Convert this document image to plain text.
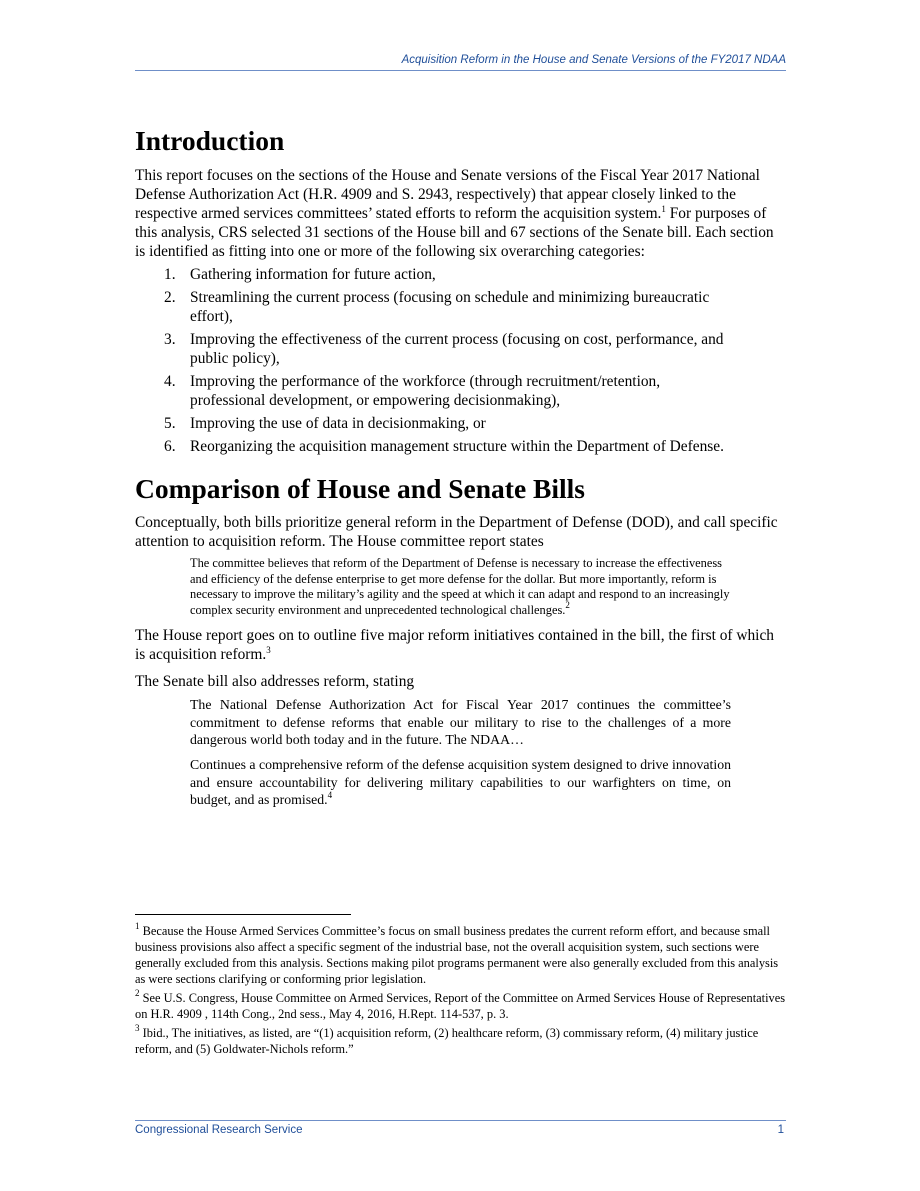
Acquisition Reform in the House and Senate Versions of the FY2017 NDAA
Introduction

This report focuses on the sections of the House and Senate versions of the Fiscal Year 2017 National Defense Authorization Act (H.R. 4909 and S. 2943, respectively) that appear closely linked to the respective armed services committees’ stated efforts to reform the acquisition system.$^1$ For purposes of this analysis, CRS selected 31 sections of the House bill and 67 sections of the Senate bill. Each section is identified as fitting into one or more of the following six overarching categories:

1. Gathering information for future action,
2. Streamlining the current process (focusing on schedule and minimizing bureaucratic effort),
3. Improving the effectiveness of the current process (focusing on cost, performance, and public policy),
4. Improving the performance of the workforce (through recruitment/retention, professional development, or empowering decisionmaking),
5. Improving the use of data in decisionmaking, or
6. Reorganizing the acquisition management structure within the Department of Defense.
Comparison of House and Senate Bills

Conceptually, both bills prioritize general reform in the Department of Defense (DOD), and call specific attention to acquisition reform. The House committee report states

The committee believes that reform of the Department of Defense is necessary to increase the effectiveness and efficiency of the defense enterprise to get more defense for the dollar. But more importantly, reform is necessary to improve the military’s agility and the speed at which it can adapt and respond to an increasingly complex security environment and unprecedented technological challenges.$^2$

The House report goes on to outline five major reform initiatives contained in the bill, the first of which is acquisition reform.$^3$

The Senate bill also addresses reform, stating

The National Defense Authorization Act for Fiscal Year 2017 continues the committee’s commitment to defense reforms that enable our military to rise to the challenges of a more dangerous world both today and in the future. The NDAA…

Continues a comprehensive reform of the defense acquisition system designed to drive innovation and ensure accountability for delivering military capabilities to our warfighters on time, on budget, and as promised.$^4$

$^1$ Because the House Armed Services Committee’s focus on small business predates the current reform effort, and because small business provisions also affect a specific segment of the industrial base, not the overall acquisition system, such sections were generally excluded from this analysis. Sections making pilot programs permanent were also generally excluded from this analysis as were sections clarifying or conforming prior legislation.

$^2$ See U.S. Congress, House Committee on Armed Services, Report of the Committee on Armed Services House of Representatives on H.R. 4909 , 114th Cong., 2nd sess., May 4, 2016, H.Rept. 114-537, p. 3.

$^3$ Ibid., The initiatives, as listed, are “(1) acquisition reform, (2) healthcare reform, (3) commissary reform, (4) military justice reform, and (5) Goldwater-Nichols reform.”

Congressional Research Service	1
